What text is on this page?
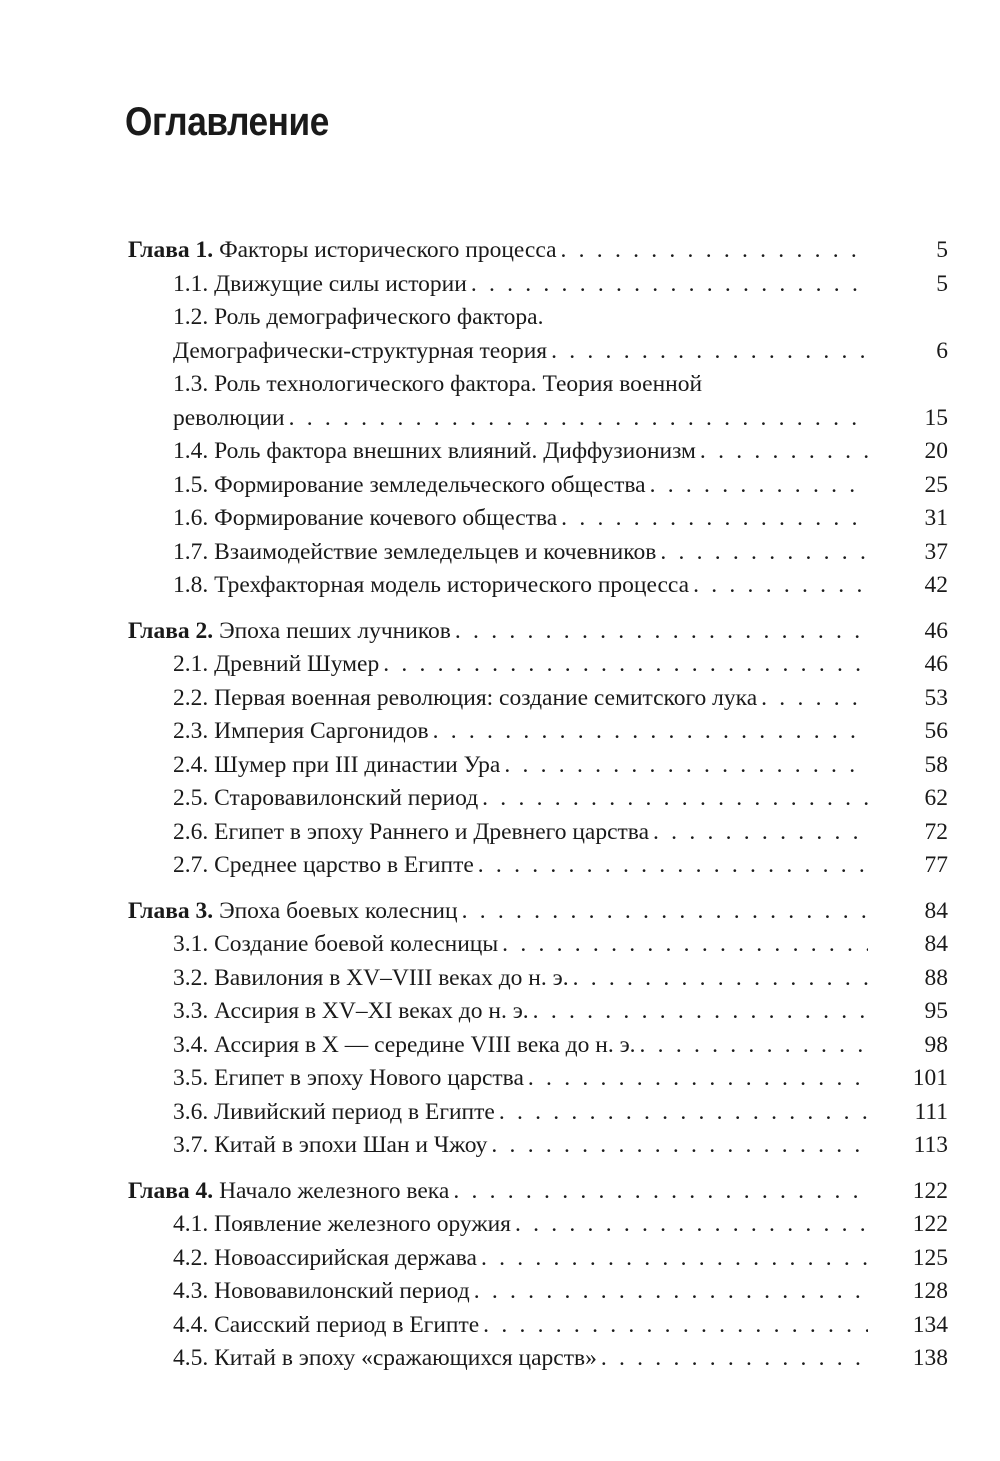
Оглавление
Глава 1. Факторы исторического процесса . . .	5
1.1. Движущие силы истории . . .	5
1.2. Роль демографического фактора.
Демографически-структурная теория . . .	6
1.3. Роль технологического фактора. Теория военной
революции . . .	15
1.4. Роль фактора внешних влияний. Диффузионизм . . .	20
1.5. Формирование земледельческого общества . . .	25
1.6. Формирование кочевого общества . . .	31
1.7. Взаимодействие земледельцев и кочевников . . .	37
1.8. Трехфакторная модель исторического процесса . . .	42
Глава 2. Эпоха пеших лучников . . .	46
2.1. Древний Шумер . . .	46
2.2. Первая военная революция: создание семитского лука . . .	53
2.3. Империя Саргонидов . . .	56
2.4. Шумер при III династии Ура . . .	58
2.5. Старовавилонский период . . .	62
2.6. Египет в эпоху Раннего и Древнего царства . . .	72
2.7. Среднее царство в Египте . . .	77
Глава 3. Эпоха боевых колесниц . . .	84
3.1. Создание боевой колесницы . . .	84
3.2. Вавилония в XV–VIII веках до н. э. . . .	88
3.3. Ассирия в XV–XI веках до н. э. . . .	95
3.4. Ассирия в X — середине VIII века до н. э. . . .	98
3.5. Египет в эпоху Нового царства . . .	101
3.6. Ливийский период в Египте . . .	111
3.7. Китай в эпохи Шан и Чжоу . . .	113
Глава 4. Начало железного века . . .	122
4.1. Появление железного оружия . . .	122
4.2. Новоассирийская держава . . .	125
4.3. Нововавилонский период . . .	128
4.4. Саисский период в Египте . . .	134
4.5. Китай в эпоху «сражающихся царств» . . .	138
